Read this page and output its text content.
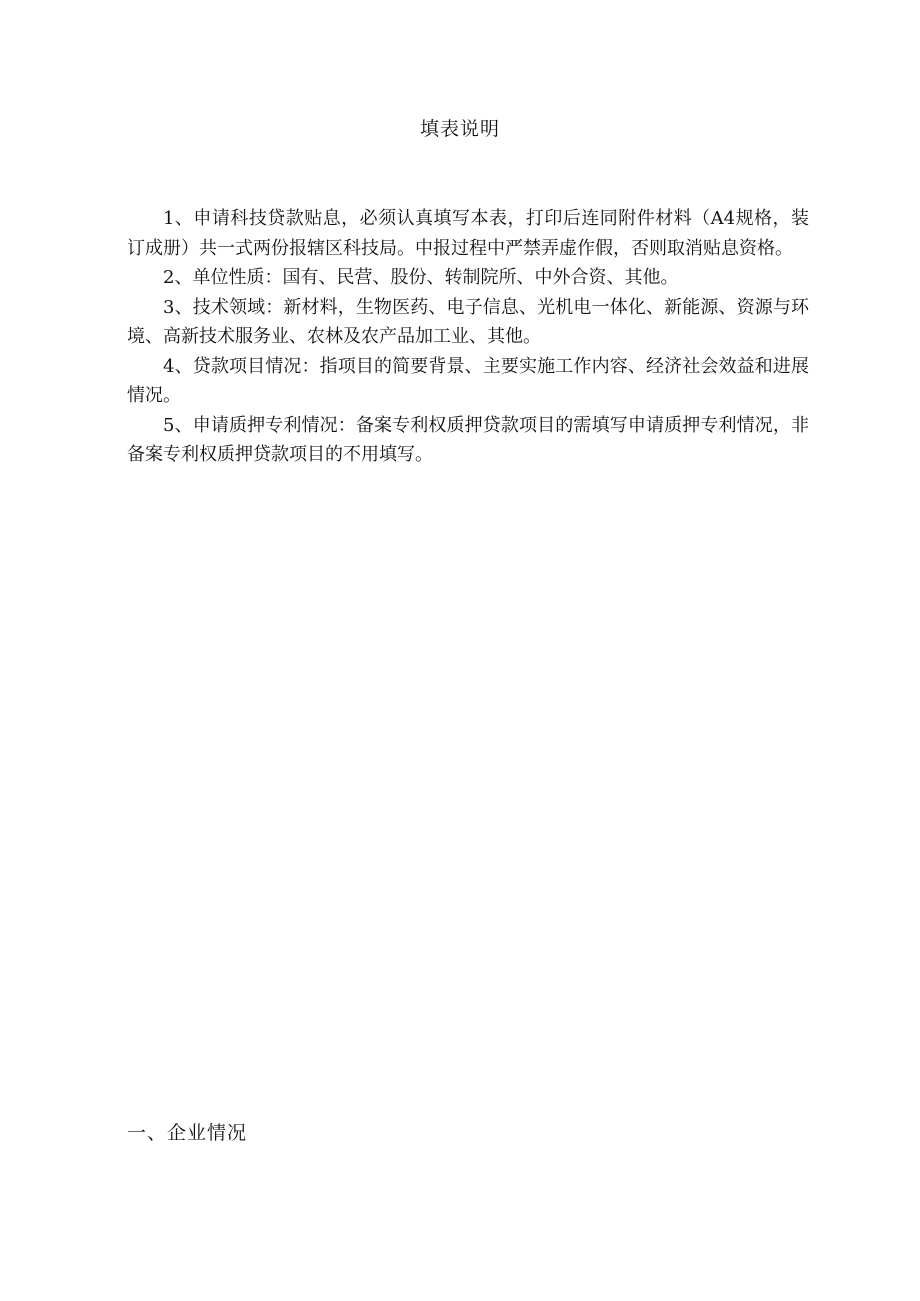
填表说明

1、申请科技贷款贴息，必须认真填写本表，打印后连同附件材料（A4规格，装订成册）共一式两份报辖区科技局。中报过程中严禁弄虚作假，否则取消贴息资格。

2、单位性质：国有、民营、股份、转制院所、中外合资、其他。

3、技术领域：新材料，生物医药、电子信息、光机电一体化、新能源、资源与环境、高新技术服务业、农林及农产品加工业、其他。

4、贷款项目情况：指项目的简要背景、主要实施工作内容、经济社会效益和进展情况。

5、申请质押专利情况：备案专利权质押贷款项目的需填写申请质押专利情况，非备案专利权质押贷款项目的不用填写。

一、企业情况
